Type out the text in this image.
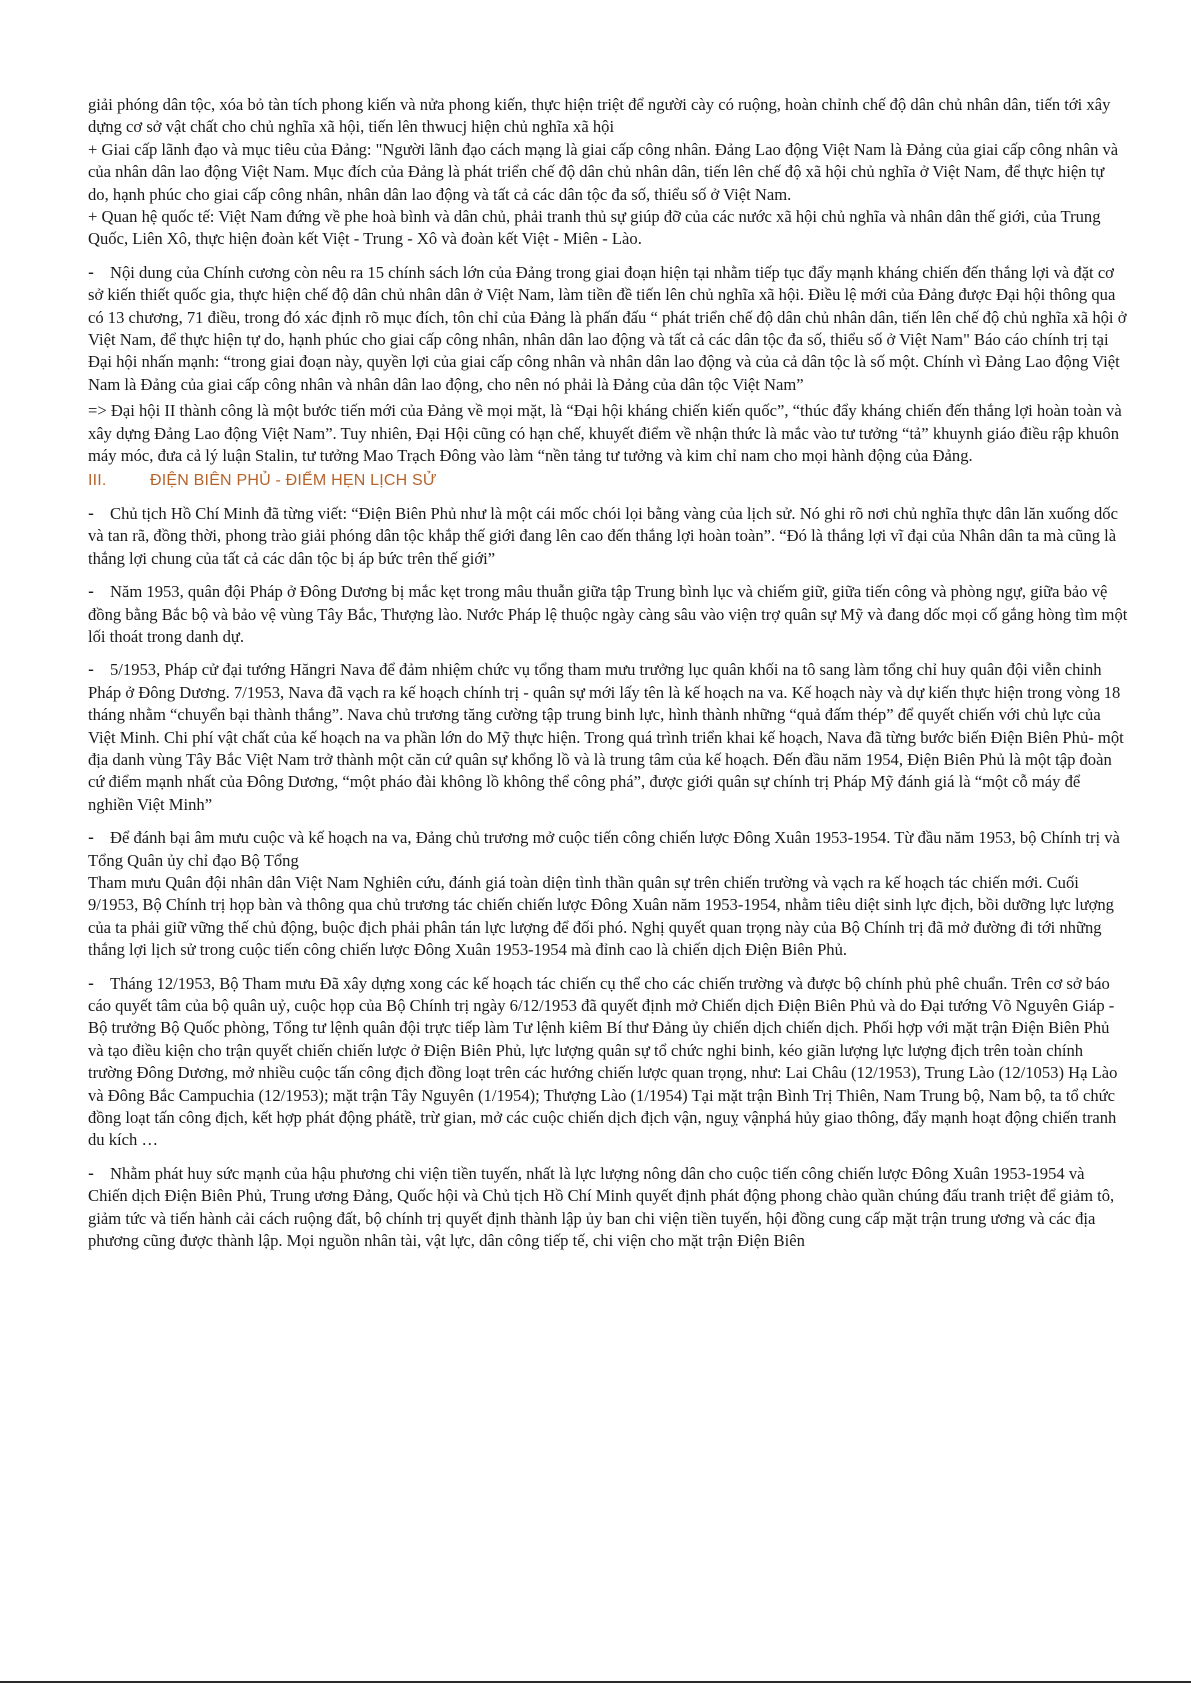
giải phóng dân tộc, xóa bỏ tàn tích phong kiến và nửa phong kiến, thực hiện triệt để người cày có ruộng, hoàn chỉnh chế độ dân chủ nhân dân, tiến tới xây dựng cơ sở vật chất cho chủ nghĩa xã hội, tiến lên thwucj hiện chủ nghĩa xã hội

+ Giai cấp lãnh đạo và mục tiêu của Đảng: "Người lãnh đạo cách mạng là giai cấp công nhân. Đảng Lao động Việt Nam là Đảng của giai cấp công nhân và của nhân dân lao động Việt Nam. Mục đích của Đảng là phát triển chế độ dân chủ nhân dân, tiến lên chế độ xã hội chủ nghĩa ở Việt Nam, để thực hiện tự do, hạnh phúc cho giai cấp công nhân, nhân dân lao động và tất cả các dân tộc đa số, thiểu số ở Việt Nam.

+ Quan hệ quốc tế: Việt Nam đứng về phe hoà bình và dân chủ, phải tranh thủ sự giúp đỡ của các nước xã hội chủ nghĩa và nhân dân thế giới, của Trung Quốc, Liên Xô, thực hiện đoàn kết Việt - Trung - Xô và đoàn kết Việt - Miên - Lào.

- Nội dung của Chính cương còn nêu ra 15 chính sách lớn của Đảng trong giai đoạn hiện tại nhằm tiếp tục đẩy mạnh kháng chiến đến thắng lợi và đặt cơ sở kiến thiết quốc gia, thực hiện chế độ dân chủ nhân dân ở Việt Nam, làm tiền đề tiến lên chủ nghĩa xã hội. Điều lệ mới của Đảng được Đại hội thông qua có 13 chương, 71 điều, trong đó xác định rõ mục đích, tôn chỉ của Đảng là phấn đấu “ phát triển chế độ dân chủ nhân dân, tiến lên chế độ chủ nghĩa xã hội ở Việt Nam, để thực hiện tự do, hạnh phúc cho giai cấp công nhân, nhân dân lao động và tất cả các dân tộc đa số, thiểu số ở Việt Nam" Báo cáo chính trị tại Đại hội nhấn mạnh: “trong giai đoạn này, quyền lợi của giai cấp công nhân và nhân dân lao động và của cả dân tộc là số một. Chính vì Đảng Lao động Việt Nam là Đảng của giai cấp công nhân và nhân dân lao động, cho nên nó phải là Đảng của dân tộc Việt Nam”

=> Đại hội II thành công là một bước tiến mới của Đảng về mọi mặt, là “Đại hội kháng chiến kiến quốc”, “thúc đẩy kháng chiến đến thắng lợi hoàn toàn và xây dựng Đảng Lao động Việt Nam”. Tuy nhiên, Đại Hội cũng có hạn chế, khuyết điểm về nhận thức là mắc vào tư tưởng “tả” khuynh giáo điều rập khuôn máy móc, đưa cả lý luận Stalin, tư tưởng Mao Trạch Đông vào làm “nền tảng tư tưởng và kim chỉ nam cho mọi hành động của Đảng.

III.	ĐIỆN BIÊN PHỦ - ĐIỂM HẸN LỊCH SỬ

- Chủ tịch Hồ Chí Minh đã từng viết: “Điện Biên Phủ như là một cái mốc chói lọi bằng vàng của lịch sử. Nó ghi rõ nơi chủ nghĩa thực dân lăn xuống dốc và tan rã, đồng thời, phong trào giải phóng dân tộc khắp thế giới đang lên cao đến thắng lợi hoàn toàn”. “Đó là thắng lợi vĩ đại của Nhân dân ta mà cũng là thắng lợi chung của tất cả các dân tộc bị áp bức trên thế giới”

- Năm 1953, quân đội Pháp ở Đông Dương bị mắc kẹt trong mâu thuẫn giữa tập Trung bình lục và chiếm giữ, giữa tiến công và phòng ngự, giữa bảo vệ đồng bằng Bắc bộ và bảo vệ vùng Tây Bắc, Thượng lào. Nước Pháp lệ thuộc ngày càng sâu vào viện trợ quân sự Mỹ và đang dốc mọi cố gắng hòng tìm một lối thoát trong danh dự.

- 5/1953, Pháp cử đại tướng Hăngri Nava để đảm nhiệm chức vụ tổng tham mưu trưởng lục quân khối na tô sang làm tổng chỉ huy quân đội viễn chinh Pháp ở Đông Dương. 7/1953, Nava đã vạch ra kế hoạch chính trị - quân sự mới lấy tên là kế hoạch na va. Kế hoạch này và dự kiến thực hiện trong vòng 18 tháng nhằm “chuyển bại thành thắng”. Nava chủ trương tăng cường tập trung binh lực, hình thành những “quả đấm thép” để quyết chiến với chủ lực của Việt Minh. Chi phí vật chất của kế hoạch na va phần lớn do Mỹ thực hiện. Trong quá trình triển khai kế hoạch, Nava đã từng bước biến Điện Biên Phủ- một địa danh vùng Tây Bắc Việt Nam trở thành một căn cứ quân sự khổng lồ và là trung tâm của kế hoạch. Đến đầu năm 1954, Điện Biên Phủ là một tập đoàn cứ điểm mạnh nhất của Đông Dương, “một pháo đài không lồ không thể công phá”, được giới quân sự chính trị Pháp Mỹ đánh giá là “một cỗ máy để nghiền Việt Minh”

- Để đánh bại âm mưu cuộc và kế hoạch na va, Đảng chủ trương mở cuộc tiến công chiến lược Đông Xuân 1953-1954. Từ đầu năm 1953, bộ Chính trị và Tổng Quân ủy chỉ đạo Bộ Tổng

Tham mưu Quân đội nhân dân Việt Nam Nghiên cứu, đánh giá toàn diện tình thần quân sự trên chiến trường và vạch ra kế hoạch tác chiến mới. Cuối 9/1953, Bộ Chính trị họp bàn và thông qua chủ trương tác chiến chiến lược Đông Xuân năm 1953-1954, nhằm tiêu diệt sinh lực địch, bồi dưỡng lực lượng của ta phải giữ vững thế chủ động, buộc địch phải phân tán lực lượng để đối phó. Nghị quyết quan trọng này của Bộ Chính trị đã mở đường đi tới những thắng lợi lịch sử trong cuộc tiến công chiến lược Đông Xuân 1953-1954 mà đỉnh cao là chiến dịch Điện Biên Phủ.

- Tháng 12/1953, Bộ Tham mưu Đã xây dựng xong các kế hoạch tác chiến cụ thể cho các chiến trường và được bộ chính phủ phê chuẩn. Trên cơ sở báo cáo quyết tâm của bộ quân uỷ, cuộc họp của Bộ Chính trị ngày 6/12/1953 đã quyết định mở Chiến dịch Điện Biên Phủ và do Đại tướng Võ Nguyên Giáp - Bộ trưởng Bộ Quốc phòng, Tổng tư lệnh quân đội trực tiếp làm Tư lệnh kiêm Bí thư Đảng ủy chiến dịch chiến dịch. Phối hợp với mặt trận Điện Biên Phủ và tạo điều kiện cho trận quyết chiến chiến lược ở Điện Biên Phủ, lực lượng quân sự tổ chức nghi binh, kéo giãn lượng lực lượng địch trên toàn chính trường Đông Dương, mở nhiều cuộc tấn công địch đồng loạt trên các hướng chiến lược quan trọng, như: Lai Châu (12/1953), Trung Lào (12/1053) Hạ Lào và Đông Bắc Campuchia (12/1953); mặt trận Tây Nguyên (1/1954); Thượng Lào (1/1954) Tại mặt trận Bình Trị Thiên, Nam Trung bộ, Nam bộ, ta tổ chức đồng loạt tấn công địch, kết hợp phát động phátề, trừ gian, mở các cuộc chiến dịch địch vận, nguỵ vậnphá hủy giao thông, đẩy mạnh hoạt động chiến tranh du kích …

- Nhằm phát huy sức mạnh của hậu phương chi viện tiền tuyến, nhất là lực lượng nông dân cho cuộc tiến công chiến lược Đông Xuân 1953-1954 và Chiến dịch Điện Biên Phủ, Trung ương Đảng, Quốc hội và Chủ tịch Hồ Chí Minh quyết định phát động phong chào quần chúng đấu tranh triệt để giảm tô, giảm tức và tiến hành cải cách ruộng đất, bộ chính trị quyết định thành lập ủy ban chi viện tiền tuyến, hội đồng cung cấp mặt trận trung ương và các địa phương cũng được thành lập. Mọi nguồn nhân tài, vật lực, dân công tiếp tế, chi viện cho mặt trận Điện Biên
